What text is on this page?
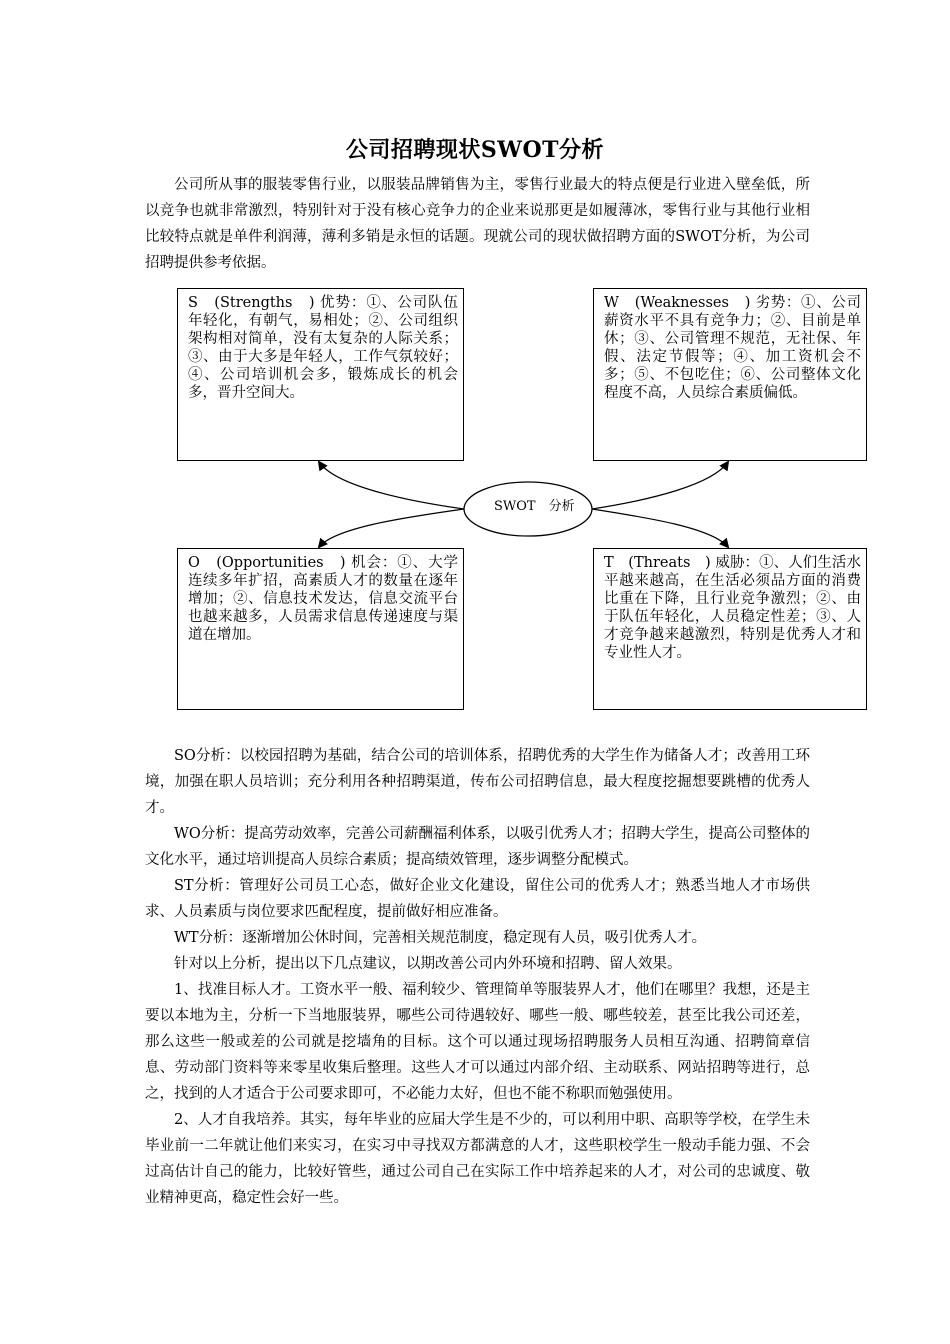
公司招聘现状SWOT分析

公司所从事的服装零售行业，以服装品牌销售为主，零售行业最大的特点便是行业进入壁垒低，所以竞争也就非常激烈，特别针对于没有核心竞争力的企业来说那更是如履薄冰，零售行业与其他行业相比较特点就是单件利润薄，薄利多销是永恒的话题。现就公司的现状做招聘方面的SWOT分析，为公司招聘提供参考依据。

S　(Strengths　) 优势：①、公司队伍年轻化，有朝气，易相处；②、公司组织架构相对简单，没有太复杂的人际关系；③、由于大多是年轻人，工作气氛较好；④、公司培训机会多，锻炼成长的机会多，晋升空间大。
W　(Weaknesses　) 劣势：①、公司薪资水平不具有竞争力；②、目前是单休；③、公司管理不规范，无社保、年假、法定节假等；④、加工资机会不多；⑤、不包吃住；⑥、公司整体文化程度不高，人员综合素质偏低。
O　(Opportunities　) 机会：①、大学连续多年扩招，高素质人才的数量在逐年增加；②、信息技术发达，信息交流平台也越来越多，人员需求信息传递速度与渠道在增加。
T　(Threats　) 威胁：①、人们生活水平越来越高，在生活必须品方面的消费比重在下降，且行业竞争激烈；②、由于队伍年轻化，人员稳定性差；③、人才竞争越来越激烈，特别是优秀人才和专业性人才。
SWOT　分析

SO分析：以校园招聘为基础，结合公司的培训体系，招聘优秀的大学生作为储备人才；改善用工环境，加强在职人员培训；充分利用各种招聘渠道，传布公司招聘信息，最大程度挖掘想要跳槽的优秀人才。

WO分析：提高劳动效率，完善公司薪酬福利体系，以吸引优秀人才；招聘大学生，提高公司整体的文化水平，通过培训提高人员综合素质；提高绩效管理，逐步调整分配模式。

ST分析：管理好公司员工心态，做好企业文化建设，留住公司的优秀人才；熟悉当地人才市场供求、人员素质与岗位要求匹配程度，提前做好相应准备。

WT分析：逐渐增加公休时间，完善相关规范制度，稳定现有人员，吸引优秀人才。

针对以上分析，提出以下几点建议，以期改善公司内外环境和招聘、留人效果。

1、找准目标人才。工资水平一般、福利较少、管理简单等服装界人才，他们在哪里？我想，还是主要以本地为主，分析一下当地服装界，哪些公司待遇较好、哪些一般、哪些较差，甚至比我公司还差，那么这些一般或差的公司就是挖墙角的目标。这个可以通过现场招聘服务人员相互沟通、招聘简章信息、劳动部门资料等来零星收集后整理。这些人才可以通过内部介绍、主动联系、网站招聘等进行，总之，找到的人才适合于公司要求即可，不必能力太好，但也不能不称职而勉强使用。

2、人才自我培养。其实，每年毕业的应届大学生是不少的，可以利用中职、高职等学校，在学生未毕业前一二年就让他们来实习，在实习中寻找双方都满意的人才，这些职校学生一般动手能力强、不会过高估计自己的能力，比较好管些，通过公司自己在实际工作中培养起来的人才，对公司的忠诚度、敬业精神更高，稳定性会好一些。
